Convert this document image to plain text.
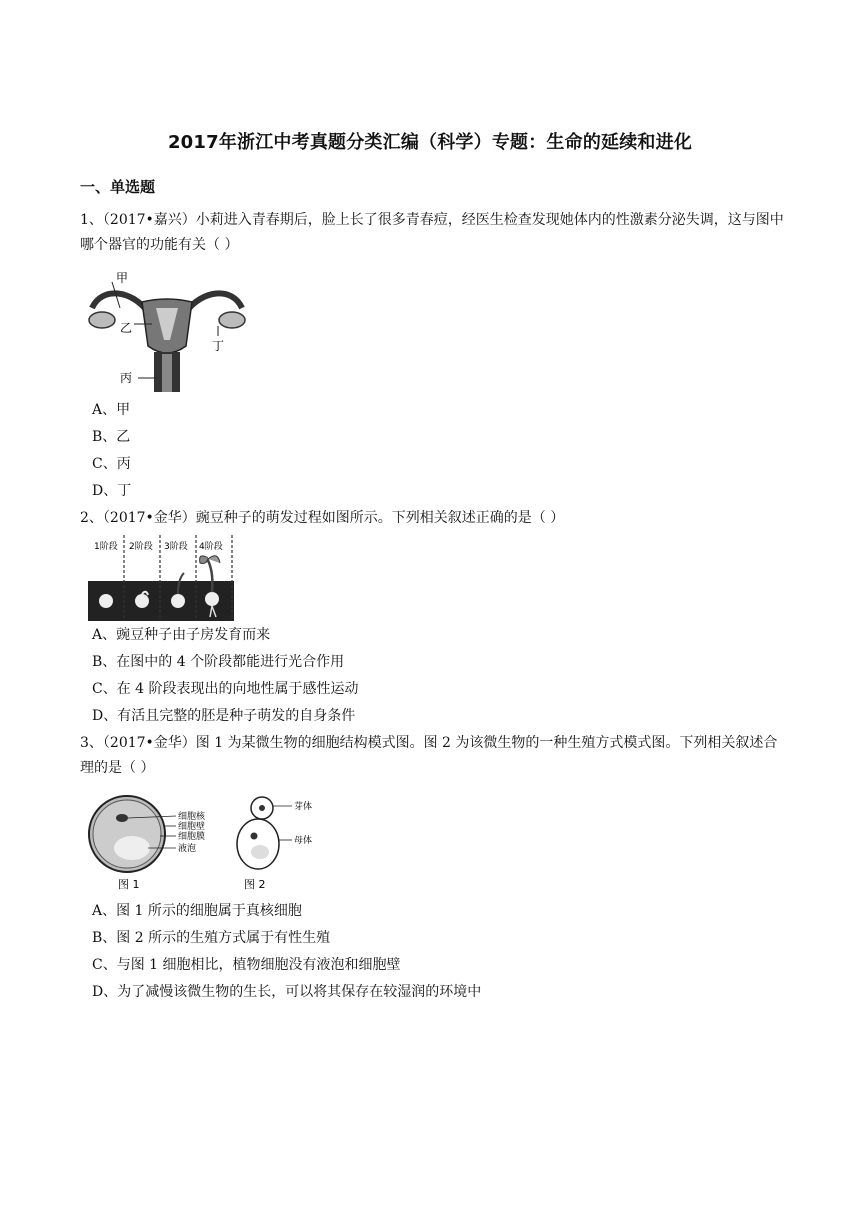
2017年浙江中考真题分类汇编（科学）专题：生命的延续和进化
一、单选题
1、（2017•嘉兴）小莉进入青春期后，脸上长了很多青春痘，经医生检查发现她体内的性激素分泌失调，这与图中哪个器官的功能有关（ ）
甲
乙
丙
丁
A、甲
B、乙
C、丙
D、丁
2、（2017•金华）豌豆种子的萌发过程如图所示。下列相关叙述正确的是（ ）
1阶段 2阶段 3阶段 4阶段
A、豌豆种子由子房发育而来
B、在图中的 4 个阶段都能进行光合作用
C、在 4 阶段表现出的向地性属于感性运动
D、有活且完整的胚是种子萌发的自身条件
3、（2017•金华）图 1 为某微生物的细胞结构模式图。图 2 为该微生物的一种生殖方式模式图。下列相关叙述合理的是（ ）
细胞核
细胞壁
细胞膜
液泡
图 1
芽体
母体
图 2
A、图 1 所示的细胞属于真核细胞
B、图 2 所示的生殖方式属于有性生殖
C、与图 1 细胞相比，植物细胞没有液泡和细胞壁
D、为了减慢该微生物的生长，可以将其保存在较湿润的环境中
